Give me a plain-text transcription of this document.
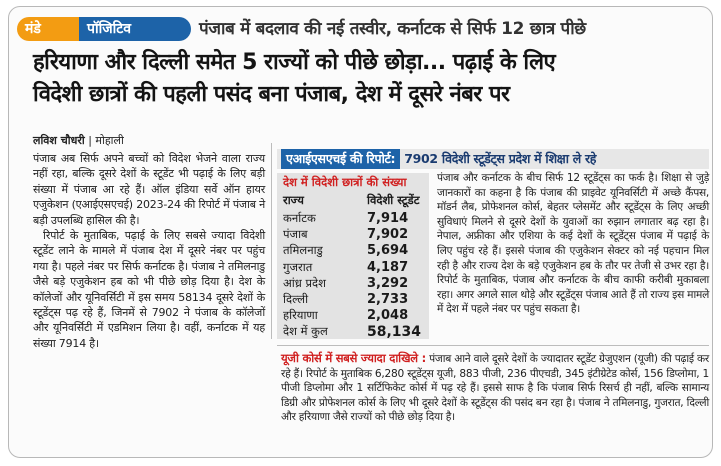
पॉजिटिव
मंडे	पंजाब में बदलाव की नई तस्वीर, कर्नाटक से सिर्फ 12 छात्र पीछे
हरियाणा और दिल्ली समेत 5 राज्यों को पीछे छोड़ा... पढ़ाई के लिए
विदेशी छात्रों की पहली पसंद बना पंजाब, देश में दूसरे नंबर पर
लविश चौधरी | मोहाली

पंजाब अब सिर्फ अपने बच्चों को विदेश भेजने वाला राज्य नहीं रहा, बल्कि दूसरे देशों के स्टूडेंट भी पढ़ाई के लिए बड़ी संख्या में पंजाब आ रहे हैं। ऑल इंडिया सर्वे ऑन हायर एजुकेशन (एआईएसएचई) 2023-24 की रिपोर्ट में पंजाब ने बड़ी उपलब्धि हासिल की है।

रिपोर्ट के मुताबिक, पढ़ाई के लिए सबसे ज्यादा विदेशी स्टूडेंट लाने के मामले में पंजाब देश में दूसरे नंबर पर पहुंच गया है। पहले नंबर पर सिर्फ कर्नाटक है। पंजाब ने तमिलनाडु जैसे बड़े एजुकेशन हब को भी पीछे छोड़ दिया है। देश के कॉलेजों और यूनिवर्सिटी में इस समय 58134 दूसरे देशों के स्टूडेंट्स पढ़ रहे हैं, जिनमें से 7902 ने पंजाब के कॉलेजों और यूनिवर्सिटी में एडमिशन लिया है। वहीं, कर्नाटक में यह संख्या 7914 है।

एआईएसएचई की रिपोर्ट: 7902 विदेशी स्टूडेंट्स प्रदेश में शिक्षा ले रहे
देश में विदेशी छात्रों की संख्या
राज्य	विदेशी स्टूडेंट
कर्नाटक	7,914
पंजाब	7,902
तमिलनाडु	5,694
गुजरात	4,187
आंध्र प्रदेश	3,292
दिल्ली	2,733
हरियाणा	2,048
देश में कुल	58,134
पंजाब और कर्नाटक के बीच सिर्फ 12 स्टूडेंट्स का फर्क है। शिक्षा से जुड़े जानकारों का कहना है कि पंजाब की प्राइवेट यूनिवर्सिटी में अच्छे कैंपस, मॉडर्न लैब, प्रोफेशनल कोर्स, बेहतर प्लेसमेंट और स्टूडेंट्स के लिए अच्छी सुविधाएं मिलने से दूसरे देशों के युवाओं का रुझान लगातार बढ़ रहा है। नेपाल, अफ्रीका और एशिया के कई देशों के स्टूडेंट्स पंजाब में पढ़ाई के लिए पहुंच रहे हैं। इससे पंजाब की एजुकेशन सेक्टर को नई पहचान मिल रही है और राज्य देश के बड़े एजुकेशन हब के तौर पर तेजी से उभर रहा है। रिपोर्ट के मुताबिक, पंजाब और कर्नाटक के बीच काफी करीबी मुकाबला रहा। अगर अगले साल थोड़े और स्टूडेंट्स पंजाब आते हैं तो राज्य इस मामले में देश में पहले नंबर पर पहुंच सकता है।
यूजी कोर्स में सबसे ज्यादा दाखिले : पंजाब आने वाले दूसरे देशों के ज्यादातर स्टूडेंट ग्रेजुएशन (यूजी) की पढ़ाई कर रहे हैं। रिपोर्ट के मुताबिक 6,280 स्टूडेंट्स यूजी, 883 पीजी, 236 पीएचडी, 345 इंटीग्रेटेड कोर्स, 156 डिप्लोमा, 1 पीजी डिप्लोमा और 1 सर्टिफिकेट कोर्स में पढ़ रहे हैं। इससे साफ है कि पंजाब सिर्फ रिसर्च ही नहीं, बल्कि सामान्य डिग्री और प्रोफेशनल कोर्स के लिए भी दूसरे देशों के स्टूडेंट्स की पसंद बन रहा है। पंजाब ने तमिलनाडु, गुजरात, दिल्ली और हरियाणा जैसे राज्यों को पीछे छोड़ दिया है।
